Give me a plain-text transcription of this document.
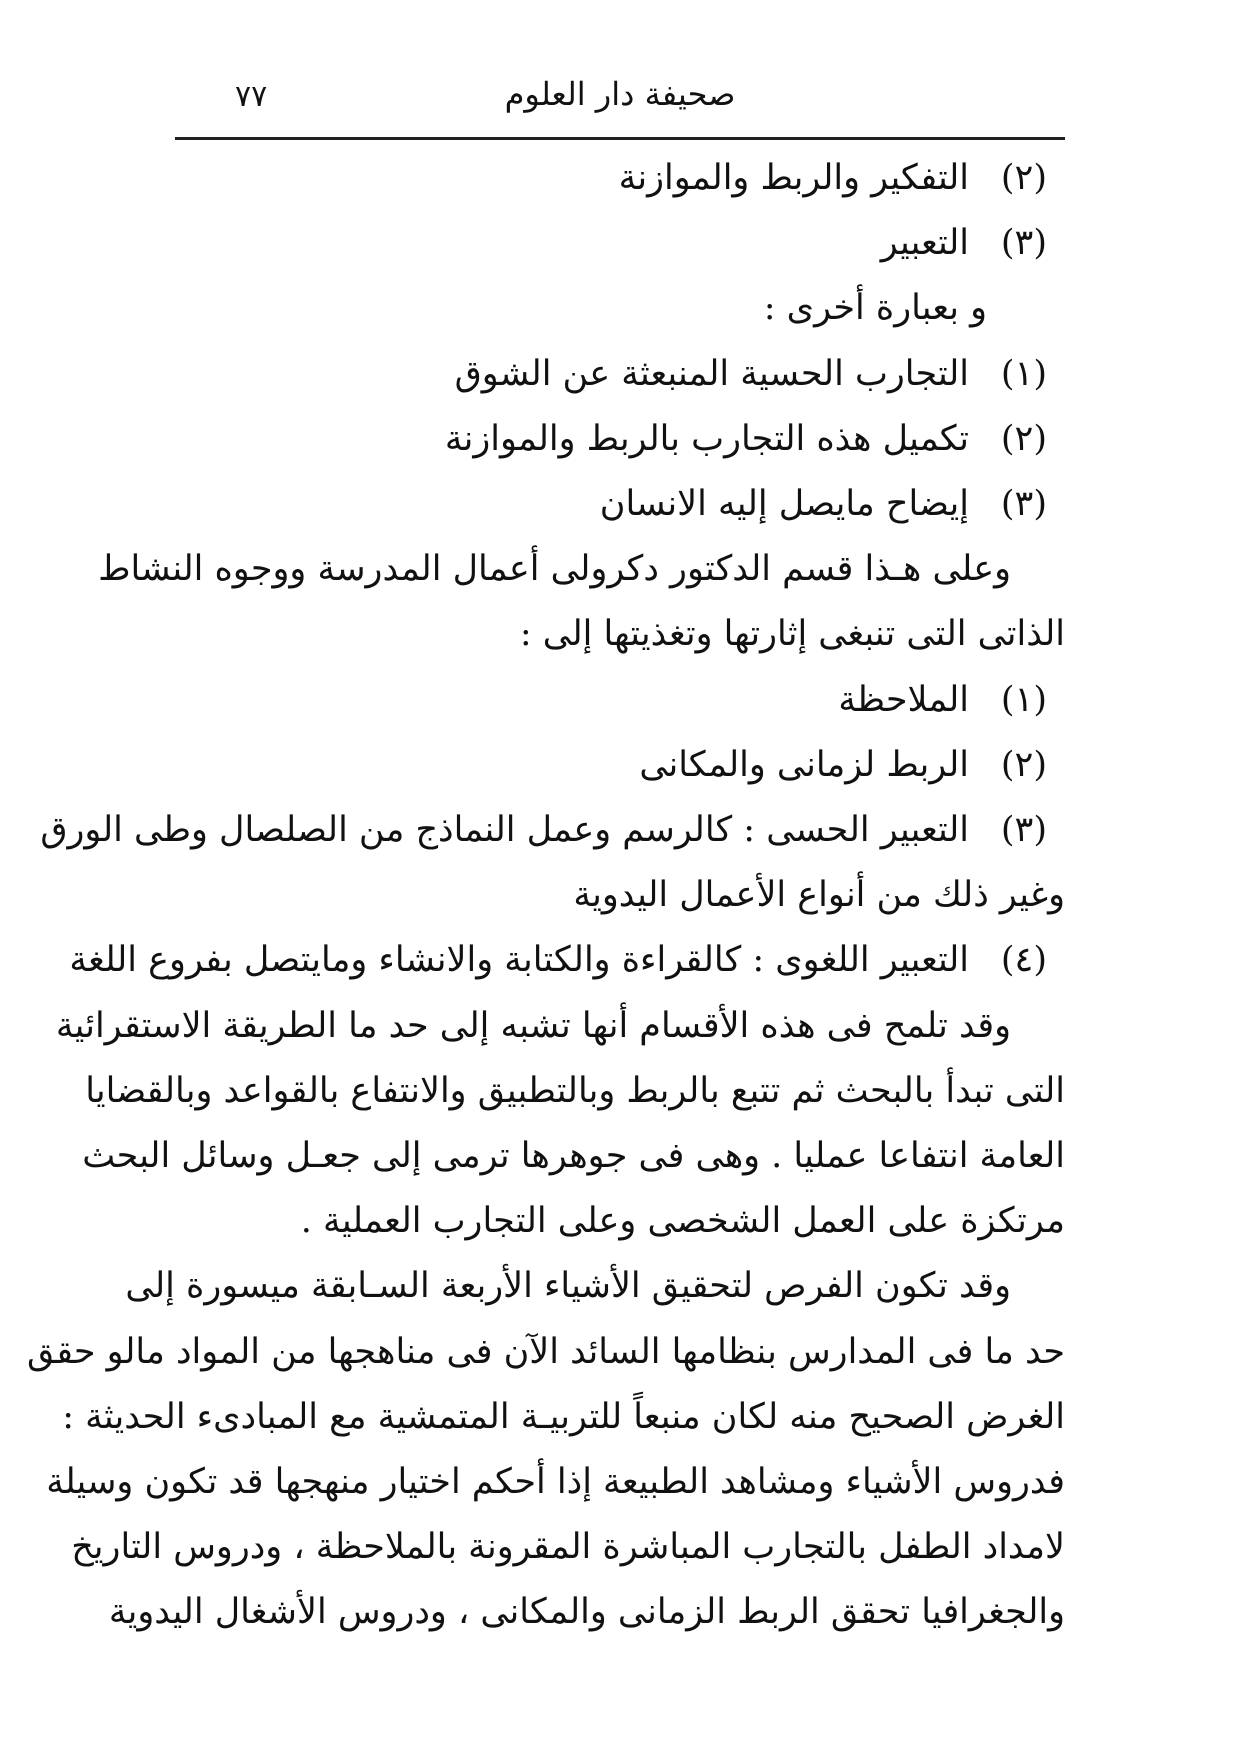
صحيفة دار العلوم
٧٧
(٢)التفكير والربط والموازنة
(٣)التعبير
و بعبارة أخرى :
(١)التجارب الحسية المنبعثة عن الشوق
(٢)تكميل هذه التجارب بالربط والموازنة
(٣)إيضاح مايصل إليه الانسان
وعلى هـذا قسم الدكتور دكرولى أعمال المدرسة ووجوه النشاط
الذاتى التى تنبغى إثارتها وتغذيتها إلى :
(١)الملاحظة
(٢)الربط لزمانى والمكانى
(٣)التعبير الحسى : كالرسم وعمل النماذج من الصلصال وطى الورق
وغير ذلك من أنواع الأعمال اليدوية
(٤)التعبير اللغوى : كالقراءة والكتابة والانشاء ومايتصل بفروع اللغة
وقد تلمح فى هذه الأقسام أنها تشبه إلى حد ما الطريقة الاستقرائية
التى تبدأ بالبحث ثم تتبع بالربط وبالتطبيق والانتفاع بالقواعد وبالقضايا
العامة انتفاعا عمليا . وهى فى جوهرها ترمى إلى جعـل وسائل البحث
مرتكزة على العمل الشخصى وعلى التجارب العملية .
وقد تكون الفرص لتحقيق الأشياء الأربعة السـابقة ميسورة إلى
حد ما فى المدارس بنظامها السائد الآن فى مناهجها من المواد مالو حقق
الغرض الصحيح منه لكان منبعاً للتربيـة المتمشية مع المبادىء الحديثة :
فدروس الأشياء ومشاهد الطبيعة إذا أحكم اختيار منهجها قد تكون وسيلة
لامداد الطفل بالتجارب المباشرة المقرونة بالملاحظة ، ودروس التاريخ
والجغرافيا تحقق الربط الزمانى والمكانى ، ودروس الأشغال اليدوية
